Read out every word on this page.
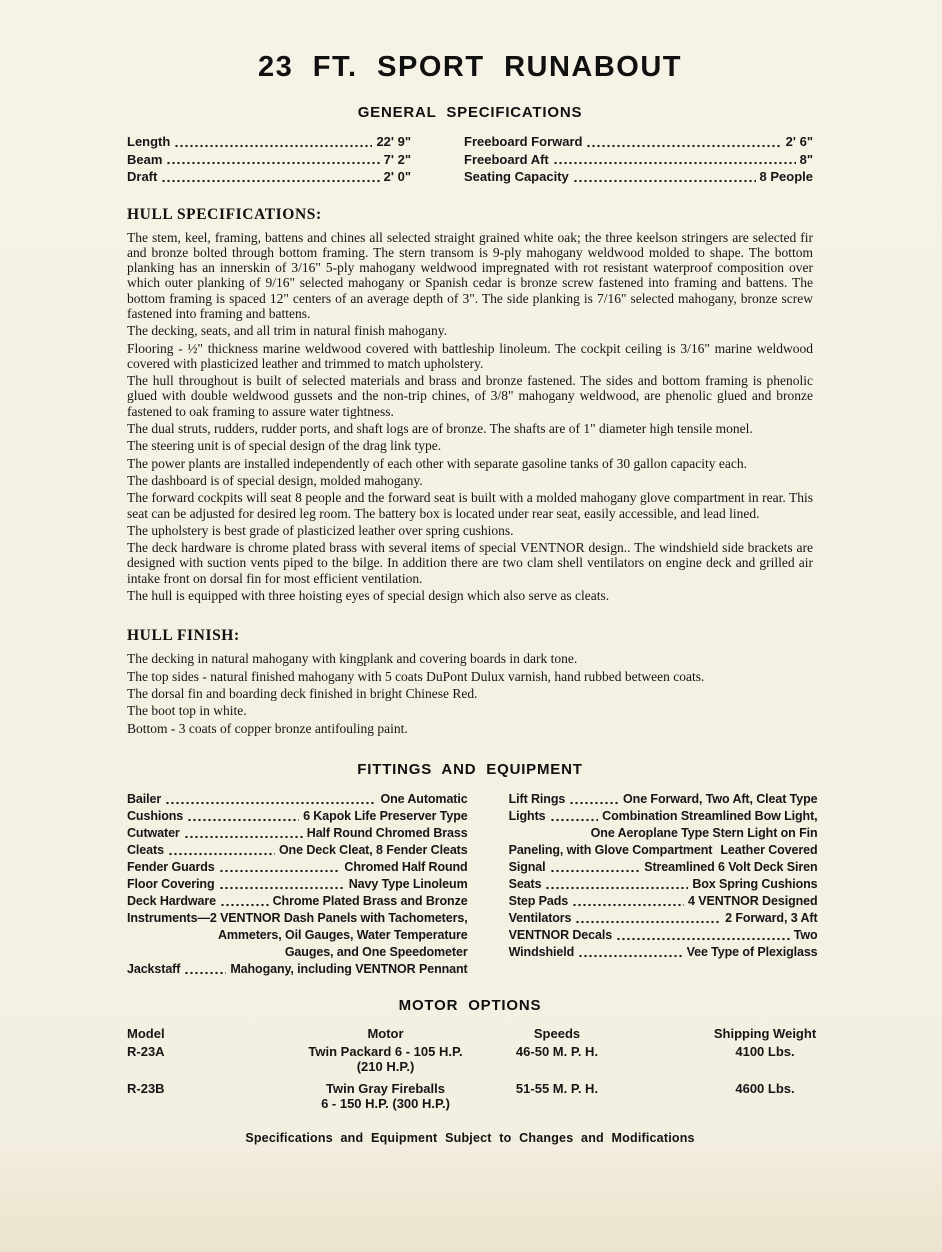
23 FT. SPORT RUNABOUT
GENERAL SPECIFICATIONS
Length	22' 9"
Beam	7' 2"
Draft	2' 0"
Freeboard Forward	2' 6"
Freeboard Aft	8"
Seating Capacity	8 People
HULL SPECIFICATIONS:

The stem, keel, framing, battens and chines all selected straight grained white oak; the three keelson stringers are selected fir and bronze bolted through bottom framing. The stern transom is 9-ply mahogany weldwood molded to shape. The bottom planking has an innerskin of 3/16" 5-ply mahogany weldwood impregnated with rot resistant waterproof composition over which outer planking of 9/16" selected mahogany or Spanish cedar is bronze screw fastened into framing and battens. The bottom framing is spaced 12" centers of an average depth of 3". The side planking is 7/16" selected mahogany, bronze screw fastened into framing and battens.

The decking, seats, and all trim in natural finish mahogany.

Flooring - ½" thickness marine weldwood covered with battleship linoleum. The cockpit ceiling is 3/16" marine weldwood covered with plasticized leather and trimmed to match upholstery.

The hull throughout is built of selected materials and brass and bronze fastened. The sides and bottom framing is phenolic glued with double weldwood gussets and the non-trip chines, of 3/8" mahogany weldwood, are phenolic glued and bronze fastened to oak framing to assure water tightness.

The dual struts, rudders, rudder ports, and shaft logs are of bronze. The shafts are of 1" diameter high tensile monel.

The steering unit is of special design of the drag link type.

The power plants are installed independently of each other with separate gasoline tanks of 30 gallon capacity each.

The dashboard is of special design, molded mahogany.

The forward cockpits will seat 8 people and the forward seat is built with a molded mahogany glove compartment in rear. This seat can be adjusted for desired leg room. The battery box is located under rear seat, easily accessible, and lead lined.

The upholstery is best grade of plasticized leather over spring cushions.

The deck hardware is chrome plated brass with several items of special VENTNOR design.. The windshield side brackets are designed with suction vents piped to the bilge. In addition there are two clam shell ventilators on engine deck and grilled air intake front on dorsal fin for most efficient ventilation.

The hull is equipped with three hoisting eyes of special design which also serve as cleats.

HULL FINISH:

The decking in natural mahogany with kingplank and covering boards in dark tone.

The top sides - natural finished mahogany with 5 coats DuPont Dulux varnish, hand rubbed between coats.

The dorsal fin and boarding deck finished in bright Chinese Red.

The boot top in white.

Bottom - 3 coats of copper bronze antifouling paint.

FITTINGS AND EQUIPMENT
Bailer	One Automatic
Cushions	6 Kapok Life Preserver Type
Cutwater	Half Round Chromed Brass
Cleats	One Deck Cleat, 8 Fender Cleats
Fender Guards	Chromed Half Round
Floor Covering	Navy Type Linoleum
Deck Hardware	Chrome Plated Brass and Bronze
Instruments—2 VENTNOR Dash Panels with Tachometers,
Ammeters, Oil Gauges, Water Temperature
Gauges, and One Speedometer
Jackstaff	Mahogany, including VENTNOR Pennant
Lift Rings	One Forward, Two Aft, Cleat Type
Lights	Combination Streamlined Bow Light,
One Aeroplane Type Stern Light on Fin
Paneling, with Glove Compartment Leather Covered
Signal	Streamlined 6 Volt Deck Siren
Seats	Box Spring Cushions
Step Pads	4 VENTNOR Designed
Ventilators	2 Forward, 3 Aft
VENTNOR Decals	Two
Windshield	Vee Type of Plexiglass
MOTOR OPTIONS
Model	Motor	Speeds	Shipping Weight
R-23A	Twin Packard 6 - 105 H.P.
(210 H.P.)
46-50 M. P. H.	4100 Lbs.
R-23B	Twin Gray Fireballs
6 - 150 H.P. (300 H.P.)
51-55 M. P. H.	4600 Lbs.
Specifications and Equipment Subject to Changes and Modifications
